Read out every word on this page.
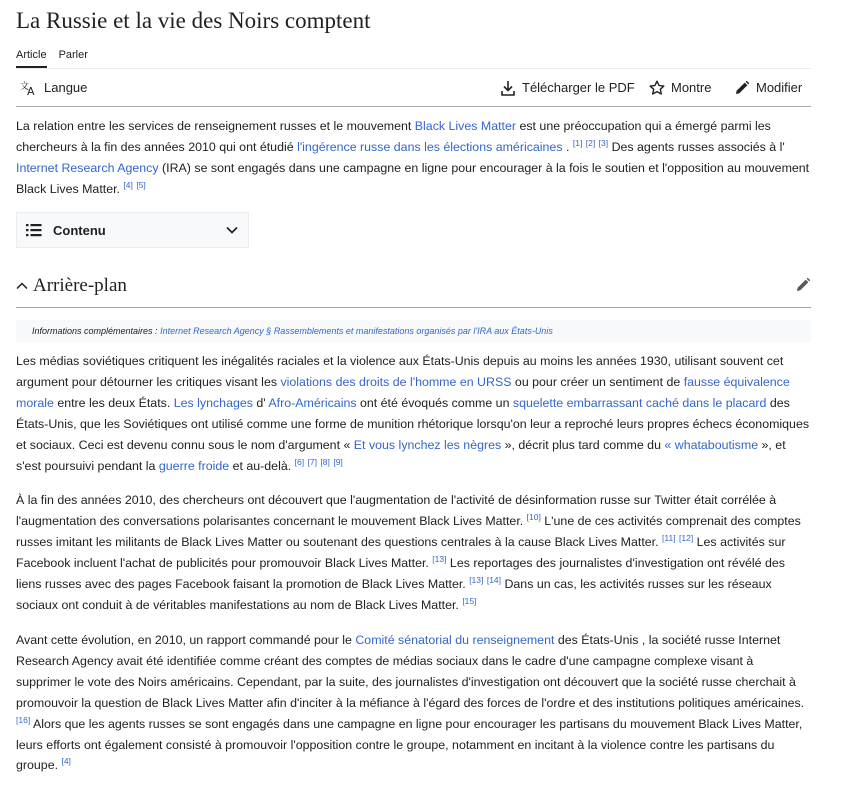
La Russie et la vie des Noirs comptent
Article Parler
文
A Langue	Télécharger le PDF	Montre	Modifier

La relation entre les services de renseignement russes et le mouvement Black Lives Matter est une préoccupation qui a émergé parmi les chercheurs à la fin des années 2010 qui ont étudié l'ingérence russe dans les élections américaines . [1] [2] [3] Des agents russes associés à l' Internet Research Agency (IRA) se sont engagés dans une campagne en ligne pour encourager à la fois le soutien et l'opposition au mouvement Black Lives Matter. [4] [5]

Contenu
Arrière-plan
Informations complémentaires : Internet Research Agency § Rassemblements et manifestations organisés par l'IRA aux États-Unis

Les médias soviétiques critiquent les inégalités raciales et la violence aux États-Unis depuis au moins les années 1930, utilisant souvent cet argument pour détourner les critiques visant les violations des droits de l'homme en URSS ou pour créer un sentiment de fausse équivalence morale entre les deux États. Les lynchages d' Afro-Américains ont été évoqués comme un squelette embarrassant caché dans le placard des États-Unis, que les Soviétiques ont utilisé comme une forme de munition rhétorique lorsqu'on leur a reproché leurs propres échecs économiques et sociaux. Ceci est devenu connu sous le nom d'argument « Et vous lynchez les nègres », décrit plus tard comme du « whataboutisme », et s'est poursuivi pendant la guerre froide et au-delà. [6] [7] [8] [9]

À la fin des années 2010, des chercheurs ont découvert que l'augmentation de l'activité de désinformation russe sur Twitter était corrélée à l'augmentation des conversations polarisantes concernant le mouvement Black Lives Matter. [10] L'une de ces activités comprenait des comptes russes imitant les militants de Black Lives Matter ou soutenant des questions centrales à la cause Black Lives Matter. [11] [12] Les activités sur Facebook incluent l'achat de publicités pour promouvoir Black Lives Matter. [13] Les reportages des journalistes d'investigation ont révélé des liens russes avec des pages Facebook faisant la promotion de Black Lives Matter. [13] [14] Dans un cas, les activités russes sur les réseaux sociaux ont conduit à de véritables manifestations au nom de Black Lives Matter. [15]

Avant cette évolution, en 2010, un rapport commandé pour le Comité sénatorial du renseignement des États-Unis , la société russe Internet Research Agency avait été identifiée comme créant des comptes de médias sociaux dans le cadre d'une campagne complexe visant à supprimer le vote des Noirs américains. Cependant, par la suite, des journalistes d'investigation ont découvert que la société russe cherchait à promouvoir la question de Black Lives Matter afin d'inciter à la méfiance à l'égard des forces de l'ordre et des institutions politiques américaines. [16] Alors que les agents russes se sont engagés dans une campagne en ligne pour encourager les partisans du mouvement Black Lives Matter, leurs efforts ont également consisté à promouvoir l'opposition contre le groupe, notamment en incitant à la violence contre les partisans du groupe. [4]
